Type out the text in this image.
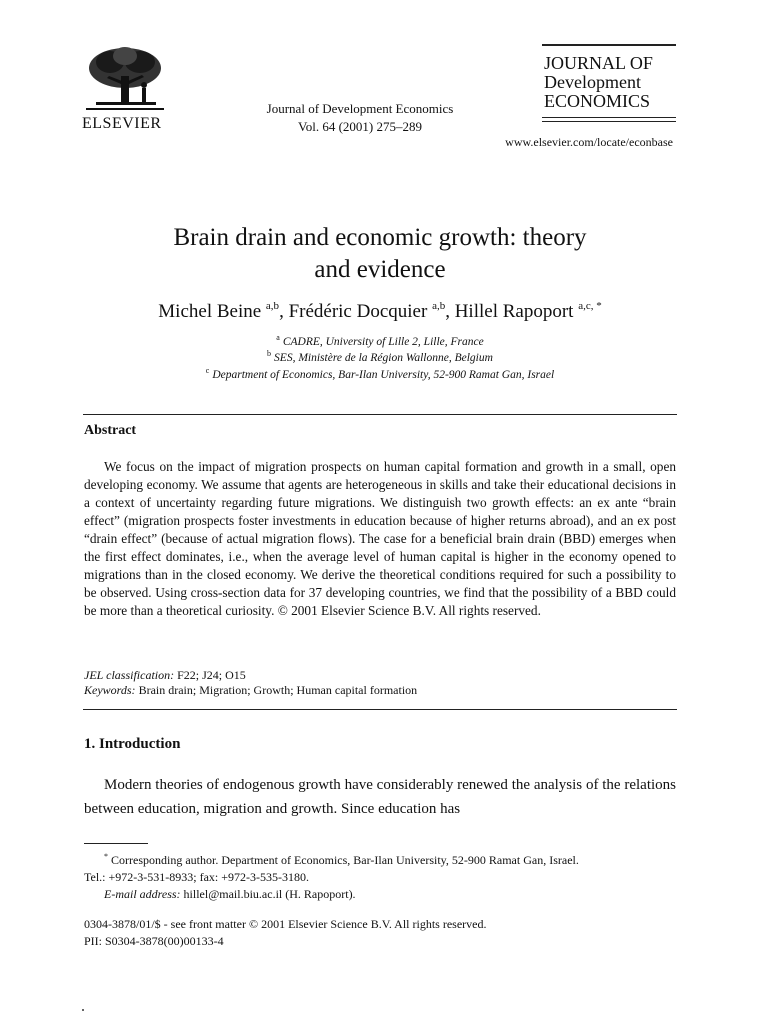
ELSEVIER
Journal of Development Economics
Vol. 64 (2001) 275–289
JOURNAL OF
Development
ECONOMICS
www.elsevier.com/locate/econbase
Brain drain and economic growth: theory
and evidence
Michel Beine $^{a,b}$, Frédéric Docquier $^{a,b}$, Hillel Rapoport $^{a,c, *}$
$^a$ CADRE, University of Lille 2, Lille, France
$^b$ SES, Ministère de la Région Wallonne, Belgium
$^c$ Department of Economics, Bar-Ilan University, 52-900 Ramat Gan, Israel
Abstract
We focus on the impact of migration prospects on human capital formation and growth in a small, open developing economy. We assume that agents are heterogeneous in skills and take their educational decisions in a context of uncertainty regarding future migrations. We distinguish two growth effects: an ex ante “brain effect” (migration prospects foster investments in education because of higher returns abroad), and an ex post “drain effect” (because of actual migration flows). The case for a beneficial brain drain (BBD) emerges when the first effect dominates, i.e., when the average level of human capital is higher in the economy opened to migrations than in the closed economy. We derive the theoretical conditions required for such a possibility to be observed. Using cross-section data for 37 developing countries, we find that the possibility of a BBD could be more than a theoretical curiosity. © 2001 Elsevier Science B.V. All rights reserved.
JEL classification: F22; J24; O15
Keywords: Brain drain; Migration; Growth; Human capital formation
1. Introduction
Modern theories of endogenous growth have considerably renewed the analysis of the relations between education, migration and growth. Since education has
* Corresponding author. Department of Economics, Bar-Ilan University, 52-900 Ramat Gan, Israel.
Tel.: +972-3-531-8933; fax: +972-3-535-3180.
E-mail address: hillel@mail.biu.ac.il (H. Rapoport).
0304-3878/01/$ - see front matter © 2001 Elsevier Science B.V. All rights reserved.
PII: S0304-3878(00)00133-4
